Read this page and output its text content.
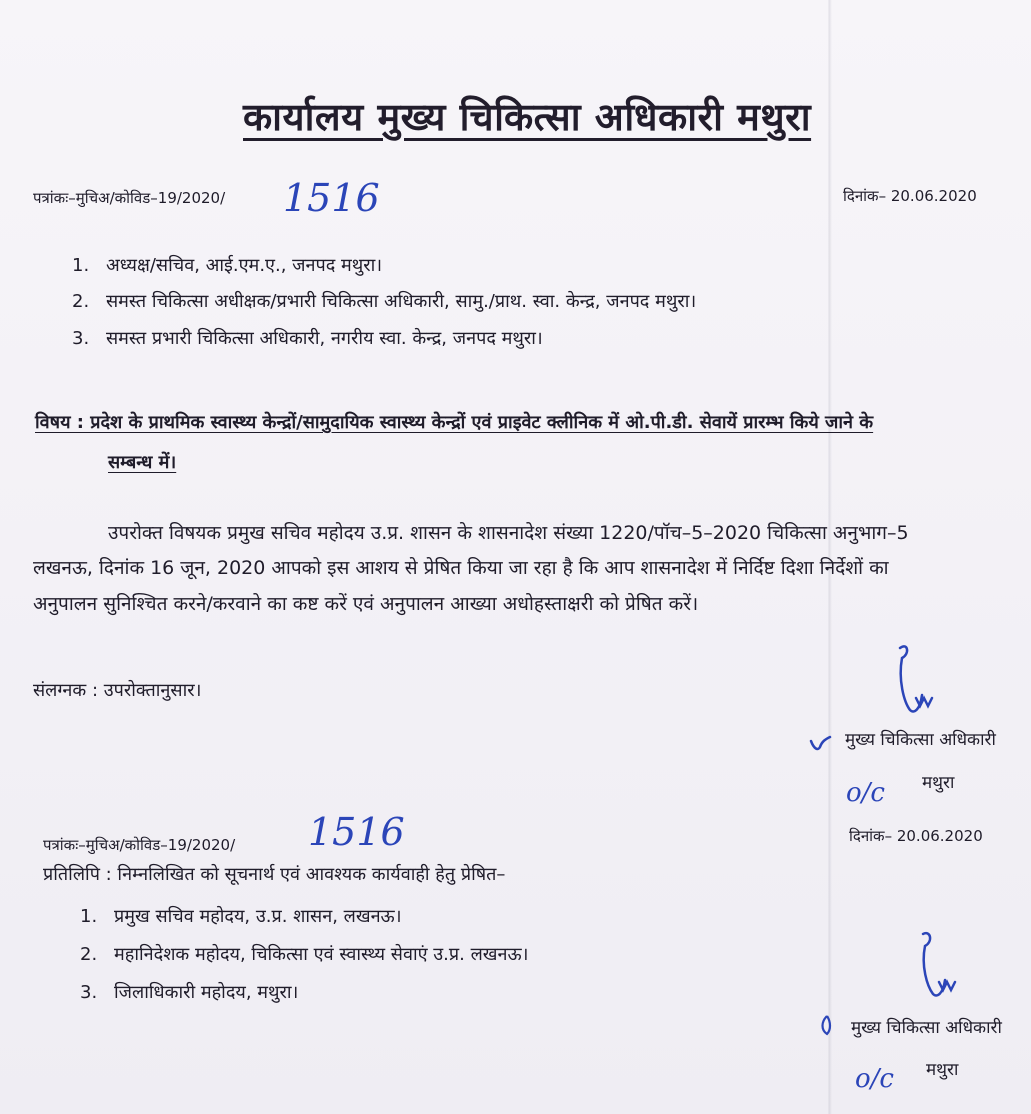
कार्यालय मुख्य चिकित्सा अधिकारी मथुरा
पत्रांकः–मुचिअ/कोविड–19/2020/ 1516	दिनांक– 20.06.2020
1. अध्यक्ष/सचिव, आई.एम.ए., जनपद मथुरा।
2. समस्त चिकित्सा अधीक्षक/प्रभारी चिकित्सा अधिकारी, सामु./प्राथ. स्वा. केन्द्र, जनपद मथुरा।
3. समस्त प्रभारी चिकित्सा अधिकारी, नगरीय स्वा. केन्द्र, जनपद मथुरा।
विषय : प्रदेश के प्राथमिक स्वास्थ्य केन्द्रों/सामुदायिक स्वास्थ्य केन्द्रों एवं प्राइवेट क्लीनिक में ओ.पी.डी. सेवायें प्रारम्भ किये जाने के
सम्बन्ध में।
उपरोक्त विषयक प्रमुख सचिव महोदय उ.प्र. शासन के शासनादेश संख्या 1220/पॉच–5–2020 चिकित्सा अनुभाग–5
लखनऊ, दिनांक 16 जून, 2020 आपको इस आशय से प्रेषित किया जा रहा है कि आप शासनादेश में निर्दिष्ट दिशा निर्देशों का
अनुपालन सुनिश्चित करने/करवाने का कष्ट करें एवं अनुपालन आख्या अधोहस्ताक्षरी को प्रेषित करें।
संलग्नक : उपरोक्तानुसार।
मुख्य चिकित्सा अधिकारी
मथुरा
o/c
पत्रांकः–मुचिअ/कोविड–19/2020/ 1516	दिनांक– 20.06.2020
प्रतिलिपि : निम्नलिखित को सूचनार्थ एवं आवश्यक कार्यवाही हेतु प्रेषित–
1. प्रमुख सचिव महोदय, उ.प्र. शासन, लखनऊ।
2. महानिदेशक महोदय, चिकित्सा एवं स्वास्थ्य सेवाएं उ.प्र. लखनऊ।
3. जिलाधिकारी महोदय, मथुरा।
मुख्य चिकित्सा अधिकारी
मथुरा
o/c
